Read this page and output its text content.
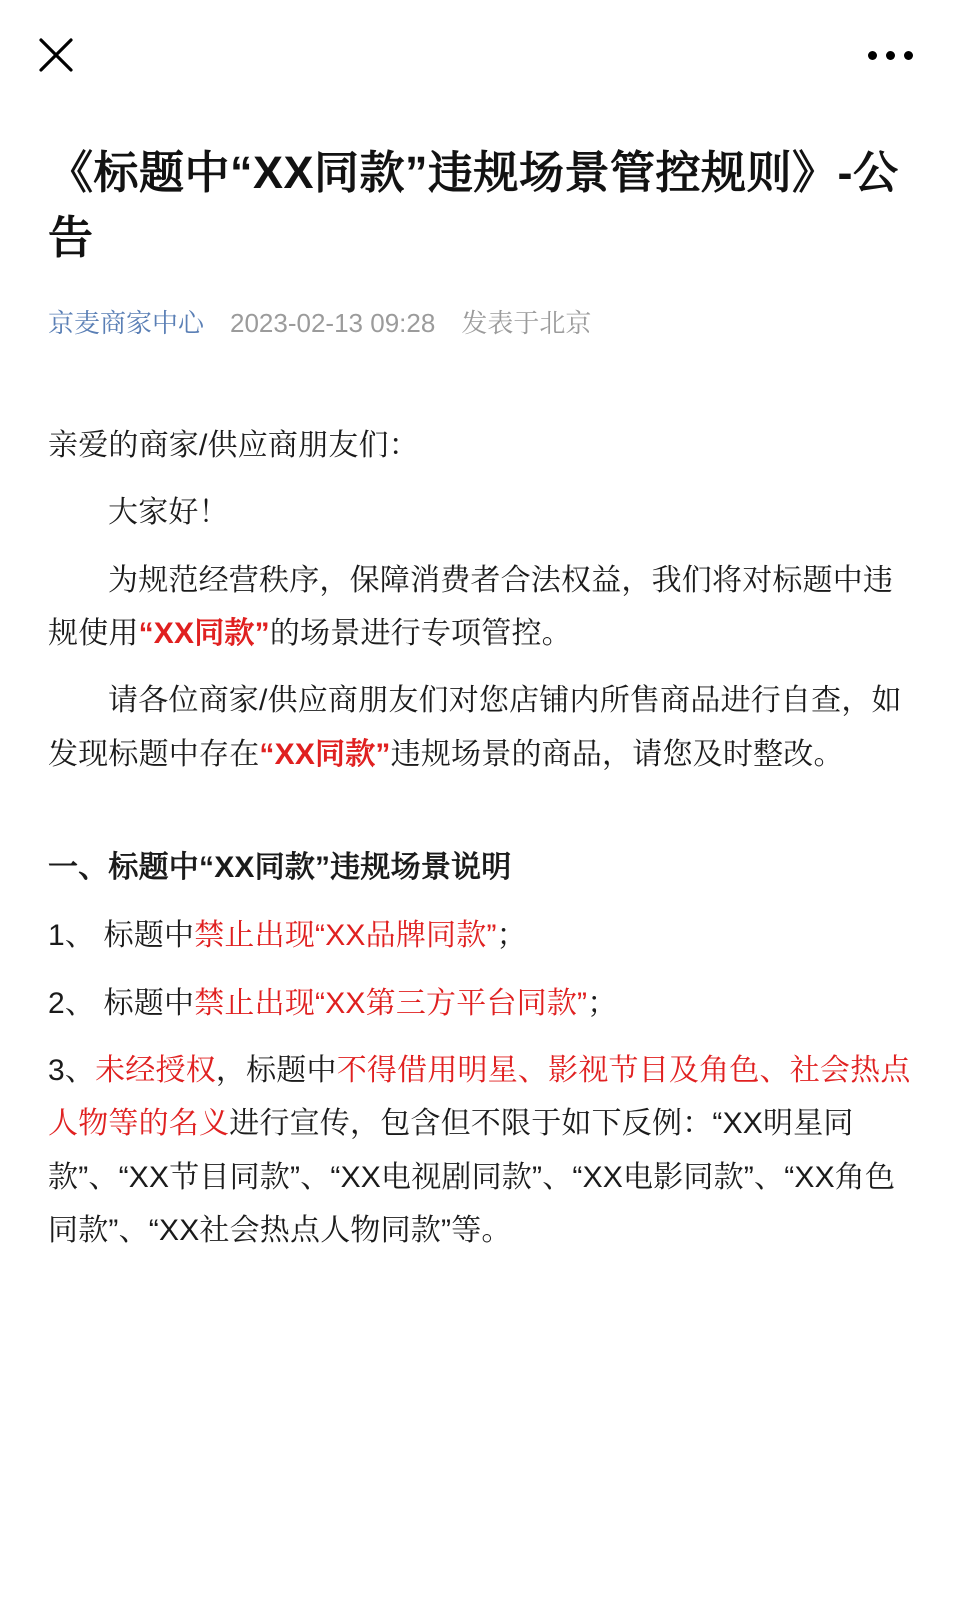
《标题中“XX同款”违规场景管控规则》-公告
京麦商家中心 2023-02-13 09:28 发表于北京

亲爱的商家/供应商朋友们：

大家好！

为规范经营秩序，保障消费者合法权益，我们将对标题中违规使用“XX同款”的场景进行专项管控。

请各位商家/供应商朋友们对您店铺内所售商品进行自查，如发现标题中存在“XX同款”违规场景的商品，请您及时整改。

一、标题中“XX同款”违规场景说明

1、 标题中禁止出现“XX品牌同款”；

2、 标题中禁止出现“XX第三方平台同款”；

3、未经授权，标题中不得借用明星、影视节目及角色、社会热点人物等的名义进行宣传，包含但不限于如下反例：“XX明星同款”、“XX节目同款”、“XX电视剧同款”、“XX电影同款”、“XX角色同款”、“XX社会热点人物同款”等。
